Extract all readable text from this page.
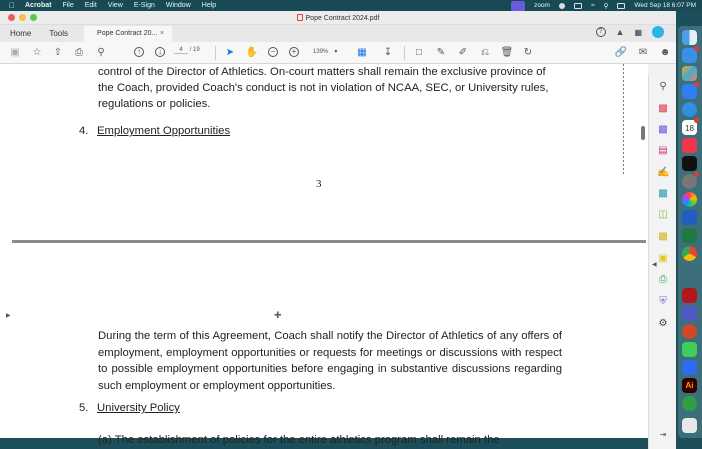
Acrobat File Edit View E-Sign Window Help	zoom	≈ ⚲	Wed Sep 18 6:07 PM
Pope Contract 2024.pdf
Home	Tools	Pope Contract 20... ×	?	▲ ▦
▣ ☆ ⇧	⎙	⚲	↑	↓	4 / 19	➤ ✋	−	+	139% ▾ ▦ ↧	□	✎ ✐	⎌	🗑 ↻	🔗 ✉ ☻
control of the Director of Athletics. On-court matters shall remain the exclusive province of the Coach, provided Coach's conduct is not in violation of NCAA, SEC, or University rules, regulations or policies.
4. Employment Opportunities
3
▶	✚
During the term of this Agreement, Coach shall notify the Director of Athletics of any offers of employment, employment opportunities or requests for meetings or discussions with respect to possible employment opportunities before engaging in substantive discussions regarding such employment or employment opportunities.
5. University Policy
(a) The establishment of policies for the entire athletics program shall remain the
⚲
▩
▩
▤
✍
▩
◫
▩
▣
⎙
⛨
⚙
◀
⇥
18
Ai
